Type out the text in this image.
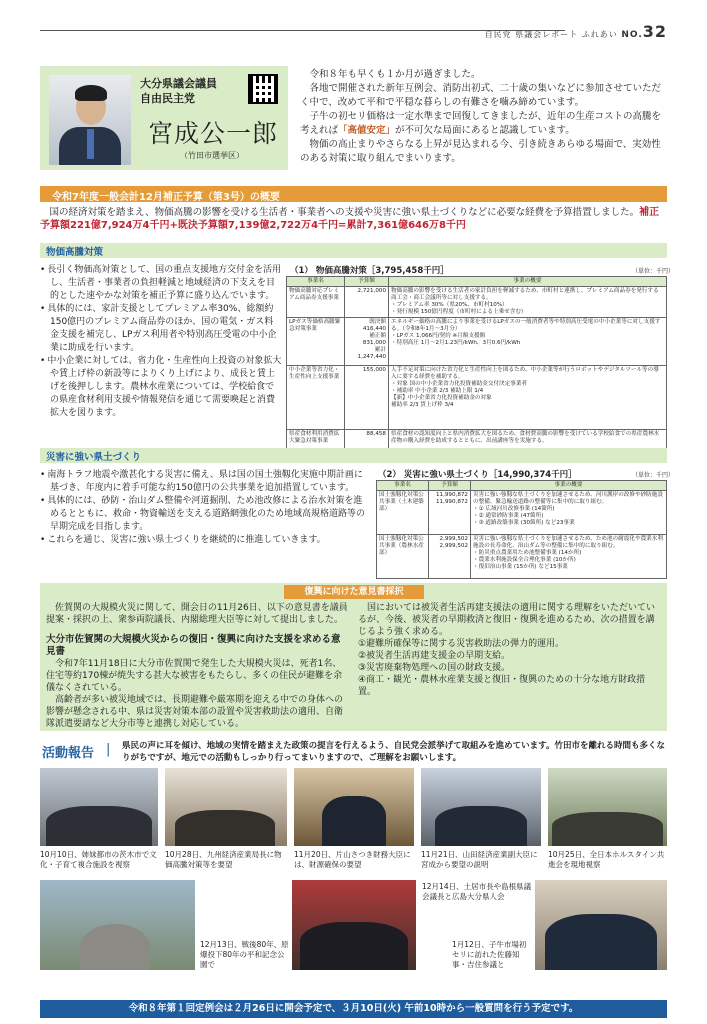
自民党 県議会レポート ふれあい NO.32
大分県議会議員
自由民主党
宮成公一郎
（竹田市選挙区）

令和８年も早くも１か月が過ぎました。

各地で開催された新年互例会、消防出初式、二十歳の集いなどに参加させていただく中で、改めて平和で平穏な暮らしの有難さを噛み締めています。

子牛の初セリ価格は一定水準まで回復してきましたが、近年の生産コストの高騰を考えれば「高値安定」が不可欠な局面にあると認識しています。

物価の高止まりやさらなる上昇が見込まれる今、引き続きあらゆる場面で、実効性のある対策に取り組んでまいります。

令和7年度一般会計12月補正予算（第3号）の概要
国の経済対策を踏まえ、物価高騰の影響を受ける生活者・事業者への支援や災害に強い県土づくりなどに必要な経費を予算措置しました。補正予算額221億7,924万4千円+既決予算額7,139億2,722万4千円=累計7,361億646万8千円
物価高騰対策
• 長引く物価高対策として、国の重点支援地方交付金を活用し、生活者・事業者の負担軽減と地域経済の下支えを目的とした速やかな対策を補正予算に盛り込んでいます。
• 具体的には、家計支援としてプレミアム率30%、総額約150億円のプレミアム商品券のほか、国の電気・ガス料金支援を補完し、LPガス利用者や特別高圧受電の中小企業に助成を行います。
• 中小企業に対しては、省力化・生産性向上投資の対象拡大や賃上げ枠の新設等によりくり上げにより、成長と賃上げを後押しします。農林水産業については、学校給食での県産食材利用支援や情報発信を通じて需要喚起と消費拡大を図ります。
（1） 物価高騰対策［3,795,458千円］	（単位：千円）
事業名	予算額	事業の概要
物価高騰対応プレミアム商品券支援事業	2,721,000	物価高騰の影響を受ける生活者の家計負担を軽減するため、市町村と連携し、プレミアム商品券を発行する商工会・商工会議所等に対し支援する。
・プレミアム率 30%（県20%、市町村10%）
・発行規模 150億円程度（市町村による上乗せ含む）
LPガス等価格高騰緊急対策事業	既決額416,440
補正額 831,000
累計 1,247,440	エネルギー価格の高騰により事業を受けるLPガスの一般消費者等や特別高圧受電の中小企業等に対し支援する。（令和8年1月〜3月分）
・LPガス 1,066円/契約 ※月額支援額
・特別高圧 1月〜2月1.23円/kWh、3月0.6円/kWh
中小企業等省力化・生産性向上支援事業	155,000	人手不足対策に向けた省力化と生産性向上を図るため、中小企業等が行うロボットやデジタルツール等の導入に要する経費を補助する。
・対象 国の中小企業省力化投資補助金交付決定事業者
・補助率 中小企業 2/3 補助上限 1/4
【新】中小企業省力化投資補助金の対象
補助率 2/3 賃上げ枠 3/4
県産食材利用消費拡大緊急対策事業	88,458	県産食材の認知度向上と県内消費拡大を図るため、食材費高騰の影響を受けている学校給食での県産農林水産物の購入経費を助成するとともに、出前講座等を実施する。
災害に強い県土づくり
• 南海トラフ地震や激甚化する災害に備え、県は国の国土強靱化実施中期計画に基づき、年度内に着手可能な約150億円の公共事業を追加措置しています。
• 具体的には、砂防・治山ダム整備や河道掘削、ため池改修による治水対策を進めるとともに、救命・物資輸送を支える道路網強化のため地域高規格道路等の早期完成を目指します。
• これらを通じ、災害に強い県土づくりを継続的に推進していきます。
（2） 災害に強い県土づくり［14,990,374千円］	（単位：千円）
事業名	予算額	事業の概要
国土強靱化対策公共事業（土木建築部）	11,990,872
11,990,872	災害に強い強靱な県土づくりを加速させるため、河川護岸の改修や砂防施設の整備、緊急輸送道路の整備等に集中的に取り組む。
・① 広域河川改修事業 (14箇所)
・② 通常砂防事業 (47箇所)
・③ 道路改築事業 (30箇所) など23事業
国土強靱化対策公共事業（農林水産部）	2,999,502
2,999,502	災害に強い強靱な県土づくりを加速させるため、ため池の耐震化や農業水利施設の長寿命化、治山ダム等の整備に集中的に取り組む。
・防災重点農業用ため池整備事業 (14か所)
・農業水利施設保全合理化事業 (10か所)
・復旧治山事業 (15か所) など15事業
復興に向けた意見書採択

佐賀関の大規模火災に関して、開会日の11月26日、以下の意見書を議員提案・採択の上、衆参両院議長、内閣総理大臣等に対して提出しました。

大分市佐賀関の大規模火災からの復旧・復興に向けた支援を求める意見書

令和7年11月18日に大分市佐賀関で発生した大規模火災は、死者1名、住宅等約170棟が焼失する甚大な被害をもたらし、多くの住民が避難を余儀なくされている。

高齢者が多い被災地域では、長期避難や厳寒期を迎える中での身体への影響が懸念される中、県は災害対策本部の設置や災害救助法の適用、自衛隊派遣要請など大分市等と連携し対応している。

国においては被災者生活再建支援法の適用に関する理解をいただいているが、今後、被災者の早期救済と復旧・復興を進めるため、次の措置を講じるよう強く求める。

①避難所確保等に関する災害救助法の弾力的運用。
②被災者生活再建支援金の早期支給。
③災害廃棄物処理への国の財政支援。
④商工・観光・農林水産業支援と復旧・復興のための十分な地方財政措置。
活動報告 | 県民の声に耳を傾け、地域の実情を踏まえた政策の提言を行えるよう、自民党会派挙げて取組みを進めています。竹田市を離れる時間も多くなりがちですが、地元での活動もしっかり行ってまいりますので、ご理解をお願いします。
10月10日、姉妹都市の茨木市で文化・子育て複合施設を視察
10月28日、九州経済産業局長に物価高騰対策等を要望
11月20日、片山さつき財務大臣には、財源確保の要望
11月21日、山田経済産業副大臣に宮成から要望の説明
10月25日、全日本ホルスタイン共進会を現地視察
12月13日、戦後80年、原爆投下80年の平和記念公園で
12月14日、土居市長や島根県議会議長と広島大分県人会
1月12日、子牛市場初セリに訪れた佐藤知事・吉住参議と
令和８年第１回定例会は２月26日に開会予定で、３月10日(火) 午前10時から一般質問を行う予定です。
